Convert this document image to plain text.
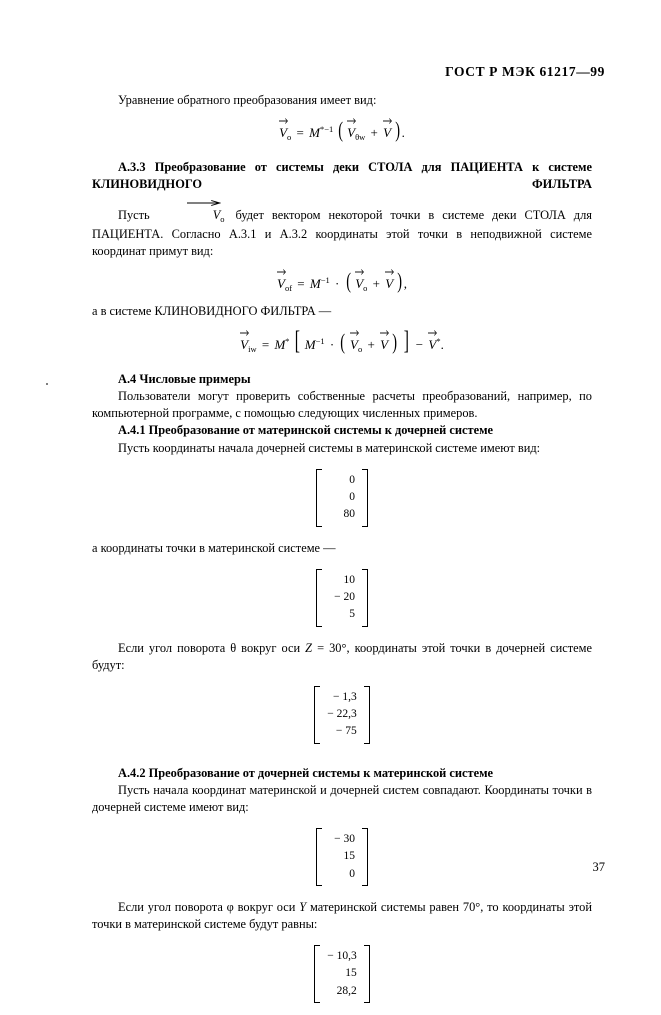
ГОСТ Р МЭК 61217—99

Уравнение обратного преобразования имеет вид:

$V_o = M^{*-1}$ ( $V_{\theta w} + V$ ).

А.3.3 Преобразование от системы деки СТОЛА для ПАЦИЕНТА к системе КЛИНОВИДНОГО ФИЛЬТРА

Пусть	$V_o$ будет вектором некоторой точки в системе деки СТОЛА для ПАЦИЕНТА. Согласно А.3.1 и А.3.2 координаты этой точки в неподвижной системе координат примут вид:

$V_{of} = M^{-1}$ · ( $V_o + V$ ),

а в системе КЛИНОВИДНОГО ФИЛЬТРА —

$V_{iw} = M^*$ [ $M^{-1}$ · ( $V_o + V$ ) ] − V*.

А.4 Числовые примеры

Пользователи могут проверить собственные расчеты преобразований, например, по компьютерной программе, с помощью следующих численных примеров.

А.4.1 Преобразование от материнской системы к дочерней системе

Пусть координаты начала дочерней системы в материнской системе имеют вид:

0
0
80

а координаты точки в материнской системе —

10
− 20
5

Если угол поворота θ вокруг оси Z = 30°, координаты этой точки в дочерней системе будут:

− 1,3
− 22,3
− 75

А.4.2 Преобразование от дочерней системы к материнской системе

Пусть начала координат материнской и дочерней систем совпадают. Координаты точки в дочерней системе имеют вид:

− 30
15
0

Если угол поворота φ вокруг оси Y материнской системы равен 70°, то координаты этой точки в материнской системе будут равны:

− 10,3
15
28,2
37
